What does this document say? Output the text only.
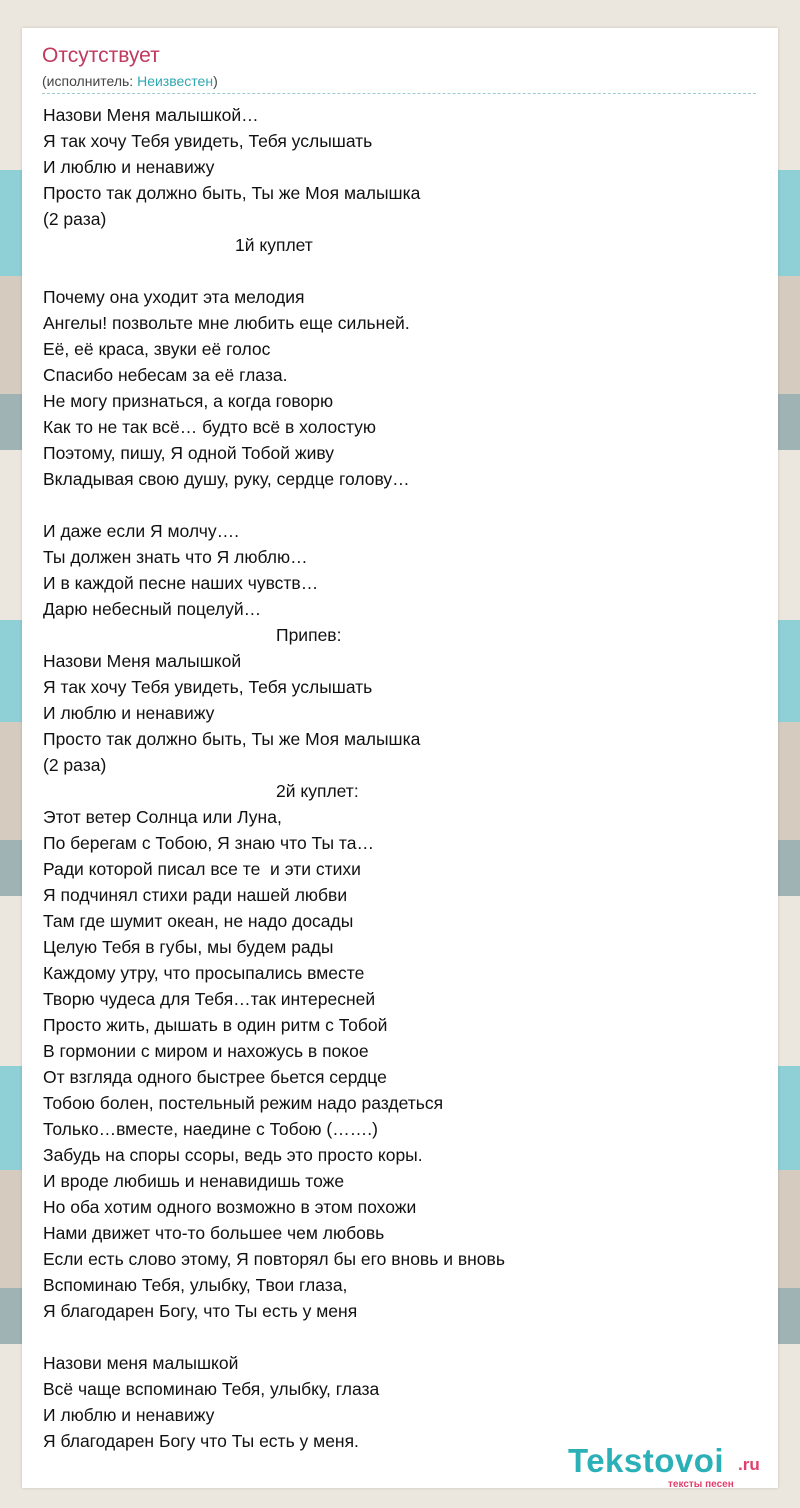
Отсутствует
(исполнитель: Неизвестен)
Назови Меня малышкой…
Я так хочу Тебя увидеть, Тебя услышать
И люблю и ненавижу
Просто так должно быть, Ты же Моя малышка
(2 раза)
1й куплет
Почему она уходит эта мелодия
Ангелы! позвольте мне любить еще сильней.
Её, её краса, звуки её голос
Спасибо небесам за её глаза.
Не могу признаться, а когда говорю
Как то не так всё… будто всё в холостую
Поэтому, пишу, Я одной Тобой живу
Вкладывая свою душу, руку, сердце голову…
И даже если Я молчу….
Ты должен знать что Я люблю…
И в каждой песне наших чувств…
Дарю небесный поцелуй…
Припев:
Назови Меня малышкой
Я так хочу Тебя увидеть, Тебя услышать
И люблю и ненавижу
Просто так должно быть, Ты же Моя малышка
(2 раза)
2й куплет:
Этот ветер Солнца или Луна,
По берегам с Тобою, Я знаю что Ты та…
Ради которой писал все те  и эти стихи
Я подчинял стихи ради нашей любви
Там где шумит океан, не надо досады
Целую Тебя в губы, мы будем рады
Каждому утру, что просыпались вместе
Творю чудеса для Тебя…так интересней
Просто жить, дышать в один ритм с Тобой
В гормонии с миром и нахожусь в покое
От взгляда одного быстрее бьется сердце
Тобою болен, постельный режим надо раздеться
Только…вместе, наедине с Тобою (…….)
Забудь на споры ссоры, ведь это просто коры.
И вроде любишь и ненавидишь тоже
Но оба хотим одного возможно в этом похожи
Нами движет что-то большее чем любовь
Если есть слово этому, Я повторял бы его вновь и вновь
Вспоминаю Тебя, улыбку, Твои глаза,
Я благодарен Богу, что Ты есть у меня
Назови меня малышкой
Всё чаще вспоминаю Тебя, улыбку, глаза
И люблю и ненавижу
Я благодарен Богу что Ты есть у меня.
Tekstovoi .ru
тексты песен
